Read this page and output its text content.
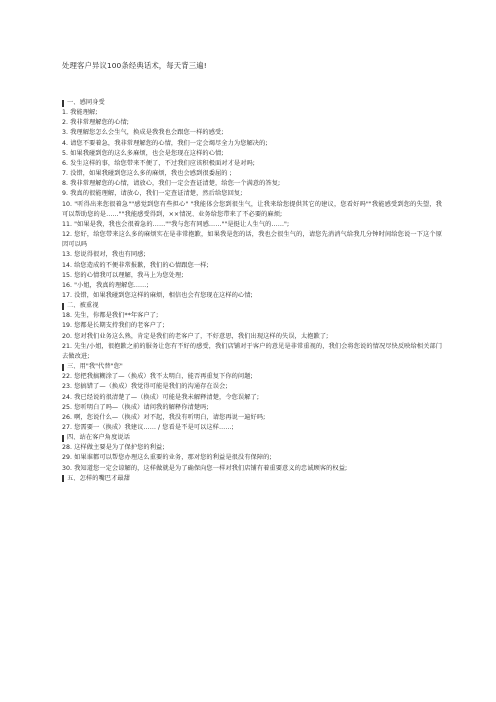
处理客户异议100条经典话术，每天背三遍!
一、感同身受
1. 我能理解;
2. 我非常理解您的心情;
3. 我理解您怎么会生气，换成是我我也会跟您一样的感受;
4. 请您不要着急，我非常理解您的心情，我们一定会竭尽全力为您解决的;
5. 如果我碰到您的这么多麻烦，也会是您现在这样的心情;
6. 发生这样的事，给您带来不便了，不过我们应该积极面对才是对吗;
7. 没错，如果我碰到您这么多的麻烦，我也会感到很委屈的 ;
8. 我非常理解您的心情，请放心，我们一定会查证清楚，给您一个满意的答复;
9. 我真的很能理解，请放心，我们一定查证清楚，然后给您回复;
10. "听得出来您很着急""感觉到您有些担心" "我能体会您到很生气，让我来给您提供其它的建议，您看好吗""我能感受到您的失望，我可以帮助您的是……""我能感受得到，××情况、业务给您带来了不必要的麻烦;
11. "如果是我，我也会很着急的……""我与您有同感……""是挺让人生气的……";
12. 您好，给您带来这么多的麻烦实在是非常抱歉，如果我是您的话，我也会很生气的，请您先消消气给我几分钟时间给您说一下这个原因可以吗
13. 您说得很对，我也有同感;
14. 给您造成的不便非常报歉，我们的心情跟您一样;
15. 您的心情我可以理解，我马上为您处理;
16. "小姐，我真的理解您……;
17. 没错，如果我碰到您这样的麻烦，相信也会有您现在这样的心情;
二、被重视
18. 先生，你都是我们**年客户了;
19. 您都是长期支持我们的老客户了;
20. 您对我们业务这么熟，肯定是我们的老客户了，不好意思，我们出现这样的失误，太抱歉了;
21. 先生/小姐，很抱歉之前的服务让您有不好的感受，我们店铺对于客户的意见是非常重视的，我们会将您说的情况尽快反映给相关部门去做改进;
三、用"我"代替"您"
22. 您把我搞糊涂了—（换成）我不太明白，能否再重复下你的问题;
23. 您搞错了—（换成）我觉得可能是我们的沟通存在误会;
24. 我已经说的很清楚了—（换成）可能是我未解释清楚，令您误解了;
25. 您听明白了吗—（换成）请问我的解释你清楚吗;
26. 啊，您说什么—（换成）对不起，我没有听明白，请您再说一遍好吗;
27. 您需要一（换成）我建议…… / 您看是不是可以这样……;
四、站在客户角度说话
28. 这样做主要是为了保护您的利益;
29. 如果谁都可以帮您办理这么重要的业务，那对您的利益是很没有保障的;
30. 我知道您一定会谅解的，这样做就是为了确保向您一样对我们店铺有着重要意义的忠诚顾客的权益;
五、怎样的嘴巴才最甜
